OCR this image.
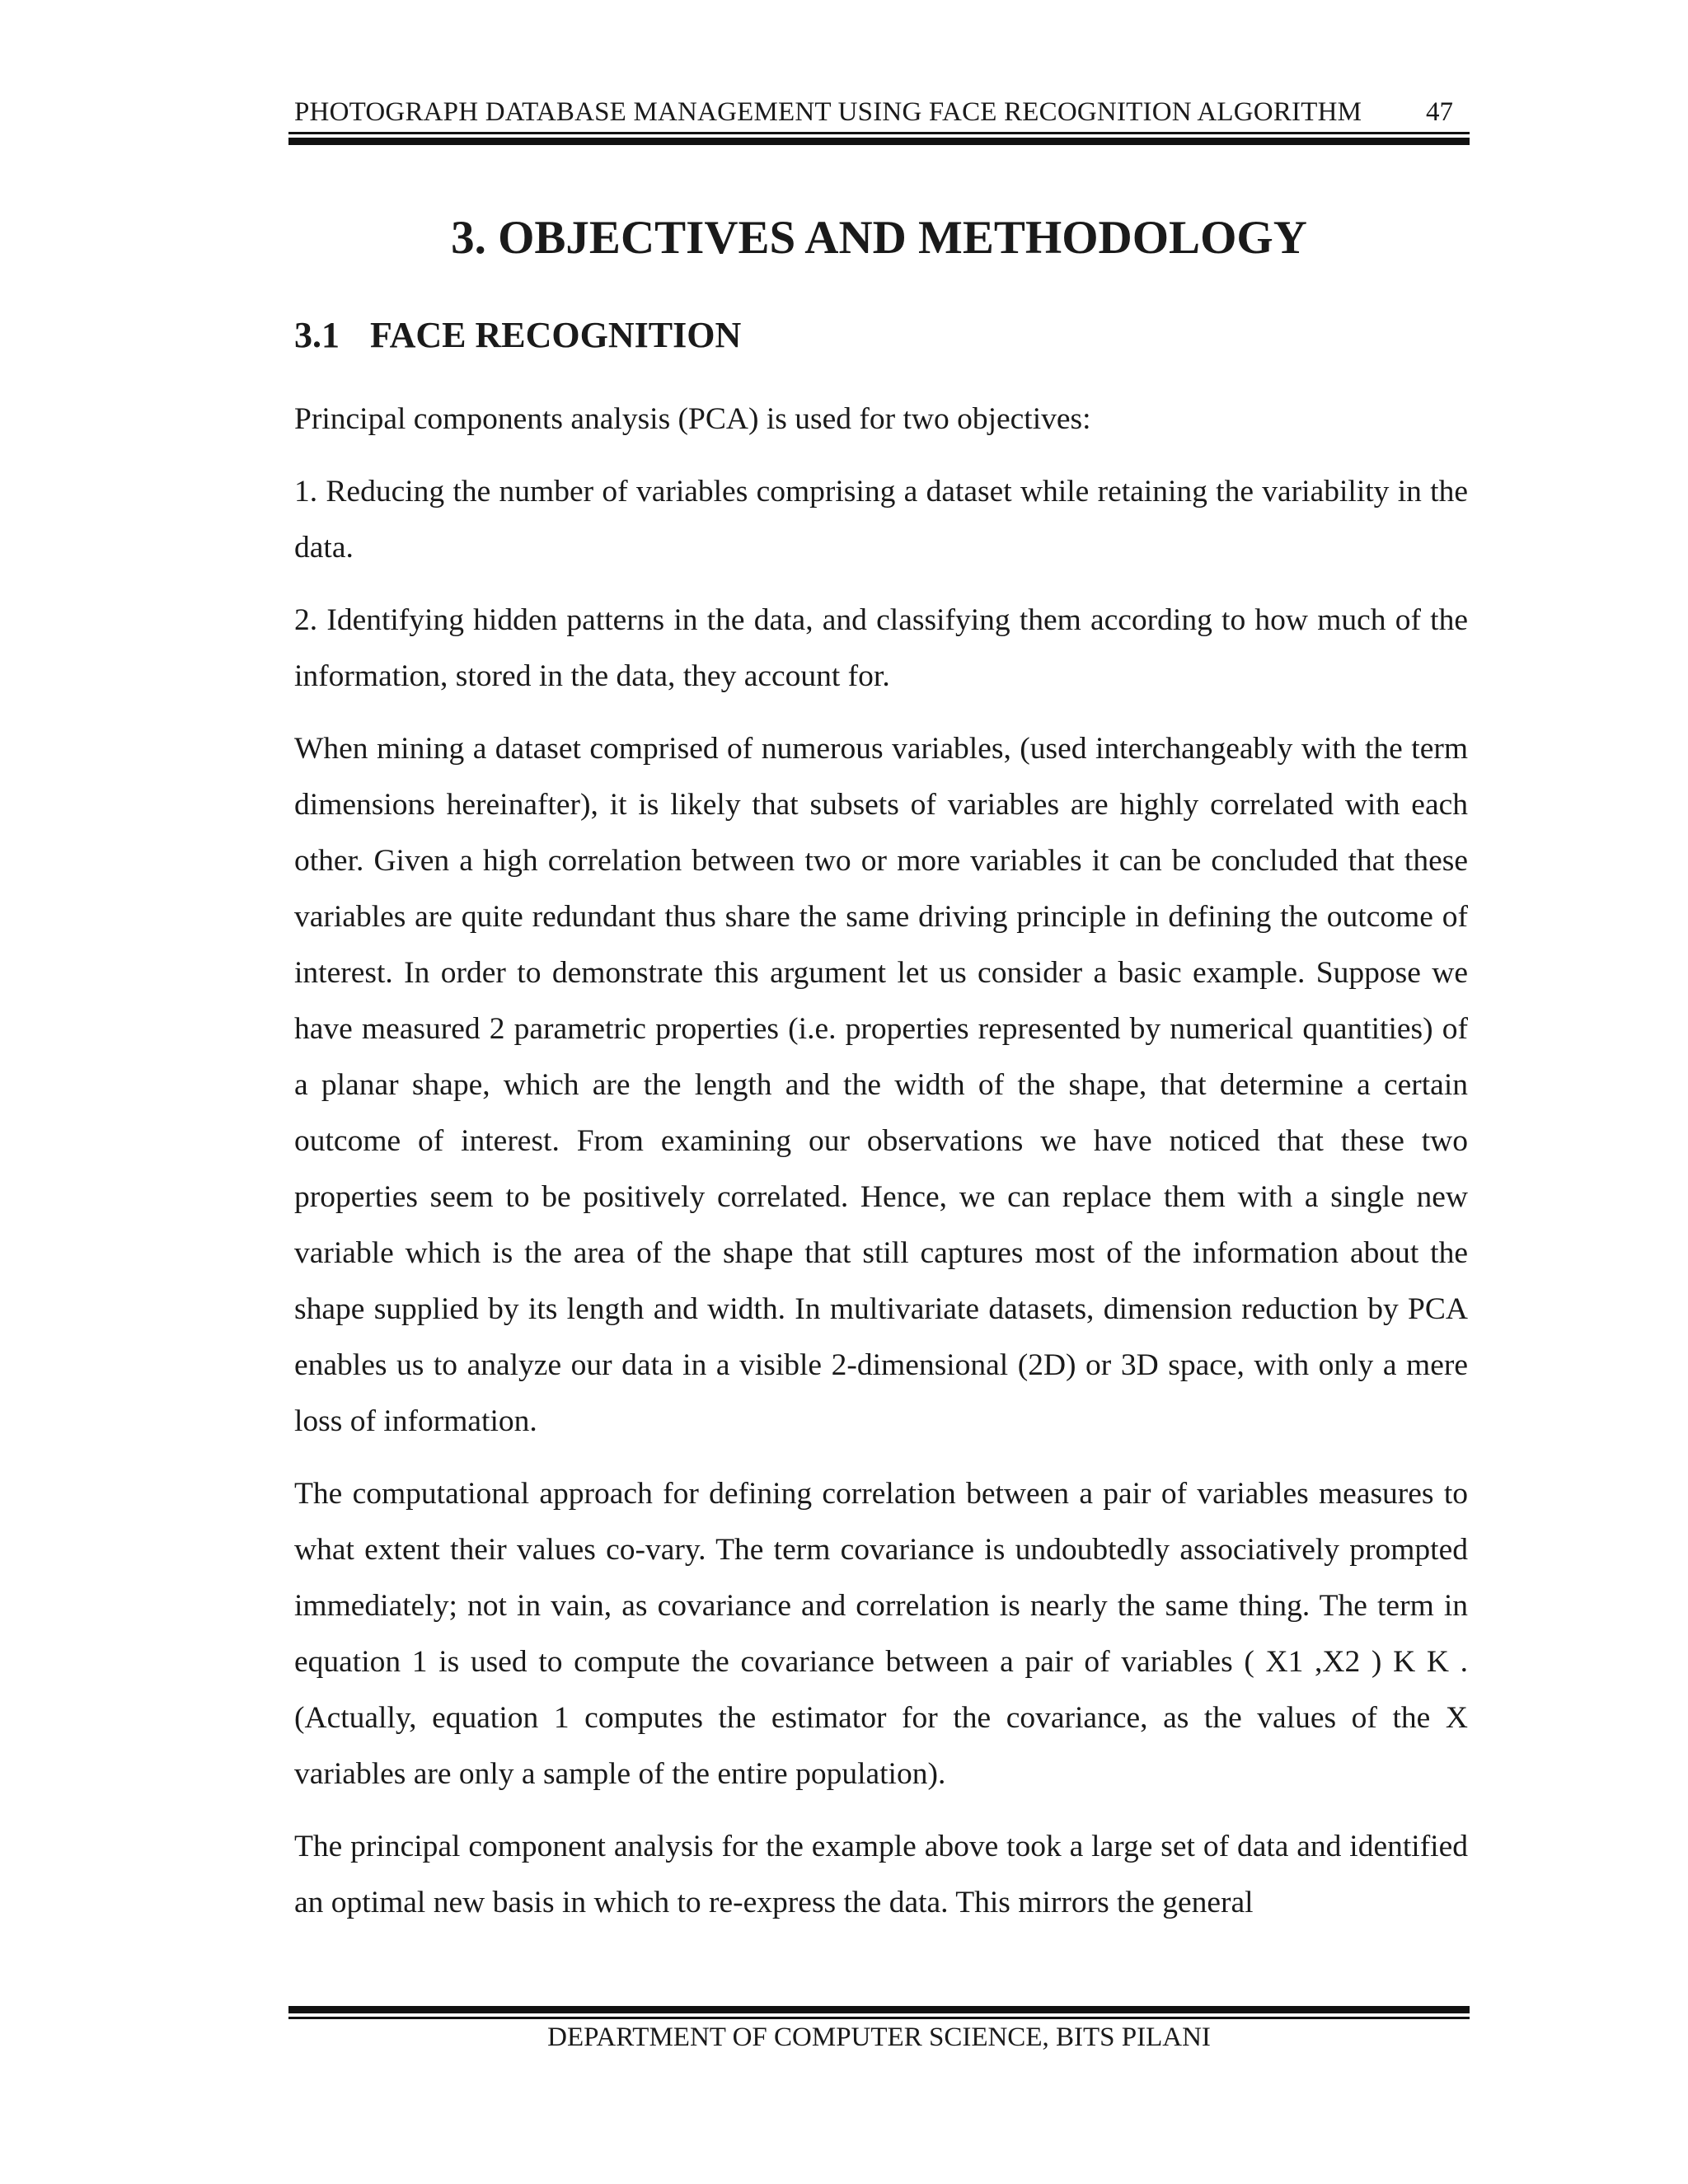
PHOTOGRAPH DATABASE MANAGEMENT USING FACE RECOGNITION ALGORITHM 47
3. OBJECTIVES AND METHODOLOGY
3.1 FACE RECOGNITION

Principal components analysis (PCA) is used for two objectives:

1. Reducing the number of variables comprising a dataset while retaining the variability in the data.

2. Identifying hidden patterns in the data, and classifying them according to how much of the information, stored in the data, they account for.

When mining a dataset comprised of numerous variables, (used interchangeably with the term dimensions hereinafter), it is likely that subsets of variables are highly correlated with each other. Given a high correlation between two or more variables it can be concluded that these variables are quite redundant thus share the same driving principle in defining the outcome of interest. In order to demonstrate this argument let us consider a basic example. Suppose we have measured 2 parametric properties (i.e. properties represented by numerical quantities) of a planar shape, which are the length and the width of the shape, that determine a certain outcome of interest. From examining our observations we have noticed that these two properties seem to be positively correlated. Hence, we can replace them with a single new variable which is the area of the shape that still captures most of the information about the shape supplied by its length and width. In multivariate datasets, dimension reduction by PCA enables us to analyze our data in a visible 2-dimensional (2D) or 3D space, with only a mere loss of information.

The computational approach for defining correlation between a pair of variables measures to what extent their values co-vary. The term covariance is undoubtedly associatively prompted immediately; not in vain, as covariance and correlation is nearly the same thing. The term in equation 1 is used to compute the covariance between a pair of variables ( X1 ,X2 ) K K . (Actually, equation 1 computes the estimator for the covariance, as the values of the X variables are only a sample of the entire population).

The principal component analysis for the example above took a large set of data and identified an optimal new basis in which to re-express the data. This mirrors the general

DEPARTMENT OF COMPUTER SCIENCE, BITS PILANI
